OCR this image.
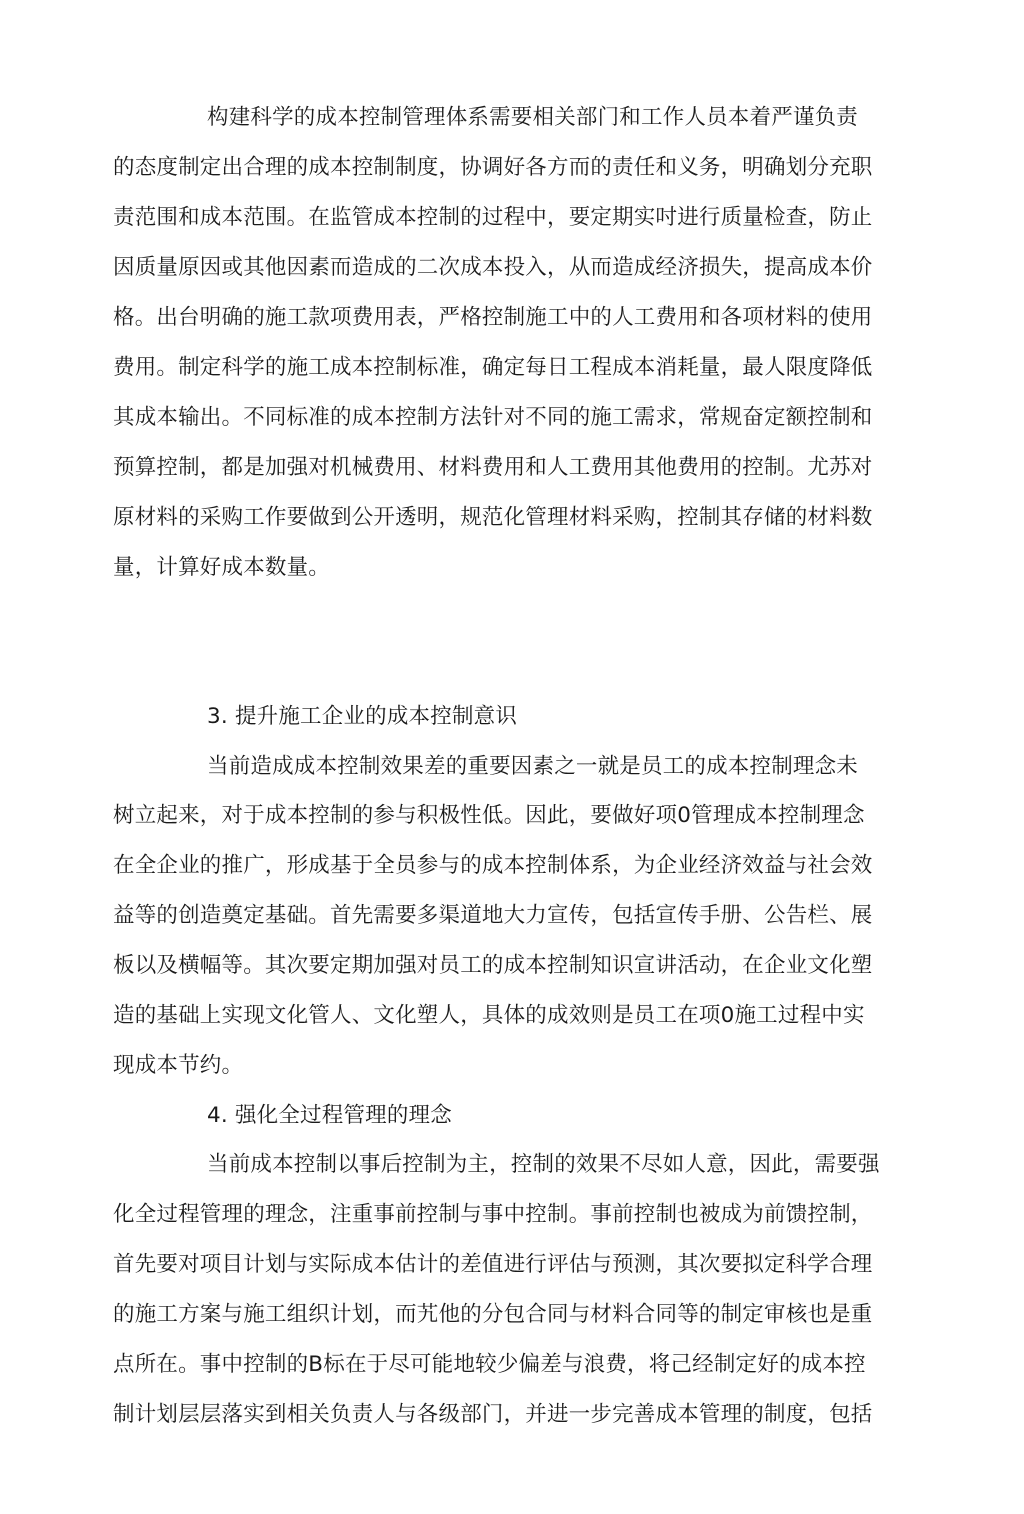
构建科学的成本控制管理体系需要相关部门和工作人员本着严谨负责
的态度制定出合理的成本控制制度，协调好各方而的责任和义务，明确划分充职
责范围和成本范围。在监管成本控制的过程中，要定期实吋进行质量检查，防止
因质量原因或其他因素而造成的二次成本投入，从而造成经济损失，提高成本价
格。出台明确的施工款项费用表，严格控制施工中的人工费用和各项材料的使用
费用。制定科学的施工成本控制标准，确定每日工程成本消耗量，最人限度降低
其成本输出。不同标准的成本控制方法针对不同的施工需求，常规奋定额控制和
预算控制，都是加强对机械费用、材料费用和人工费用其他费用的控制。尤苏对
原材料的采购工作要做到公开透明，规范化管理材料采购，控制其存储的材料数
量，计算好成本数量。
3. 提升施工企业的成本控制意识
当前造成成本控制效果差的重要因素之一就是员工的成本控制理念未
树立起来，对于成本控制的参与积极性低。因此，要做好项0管理成本控制理念
在全企业的推广，形成基于全员参与的成本控制体系，为企业经济效益与社会效
益等的创造奠定基础。首先需要多渠道地大力宣传，包括宣传手册、公告栏、展
板以及横幅等。其次要定期加强对员工的成本控制知识宣讲活动，在企业文化塑
造的基础上实现文化管人、文化塑人，具体的成效则是员工在项0施工过程中实
现成本节约。
4. 强化全过程管理的理念
当前成本控制以事后控制为主，控制的效果不尽如人意，因此，需要强
化全过程管理的理念，注重事前控制与事中控制。事前控制也被成为前馈控制，
首先要对项目计划与实际成本估计的差值进行评估与预测，其次要拟定科学合理
的施工方案与施工组织计划，而艽他的分包合同与材料合同等的制定审核也是重
点所在。事中控制的B标在于尽可能地较少偏差与浪费，将己经制定好的成本控
制计划层层落实到相关负责人与各级部门，并进一步完善成本管理的制度，包括
